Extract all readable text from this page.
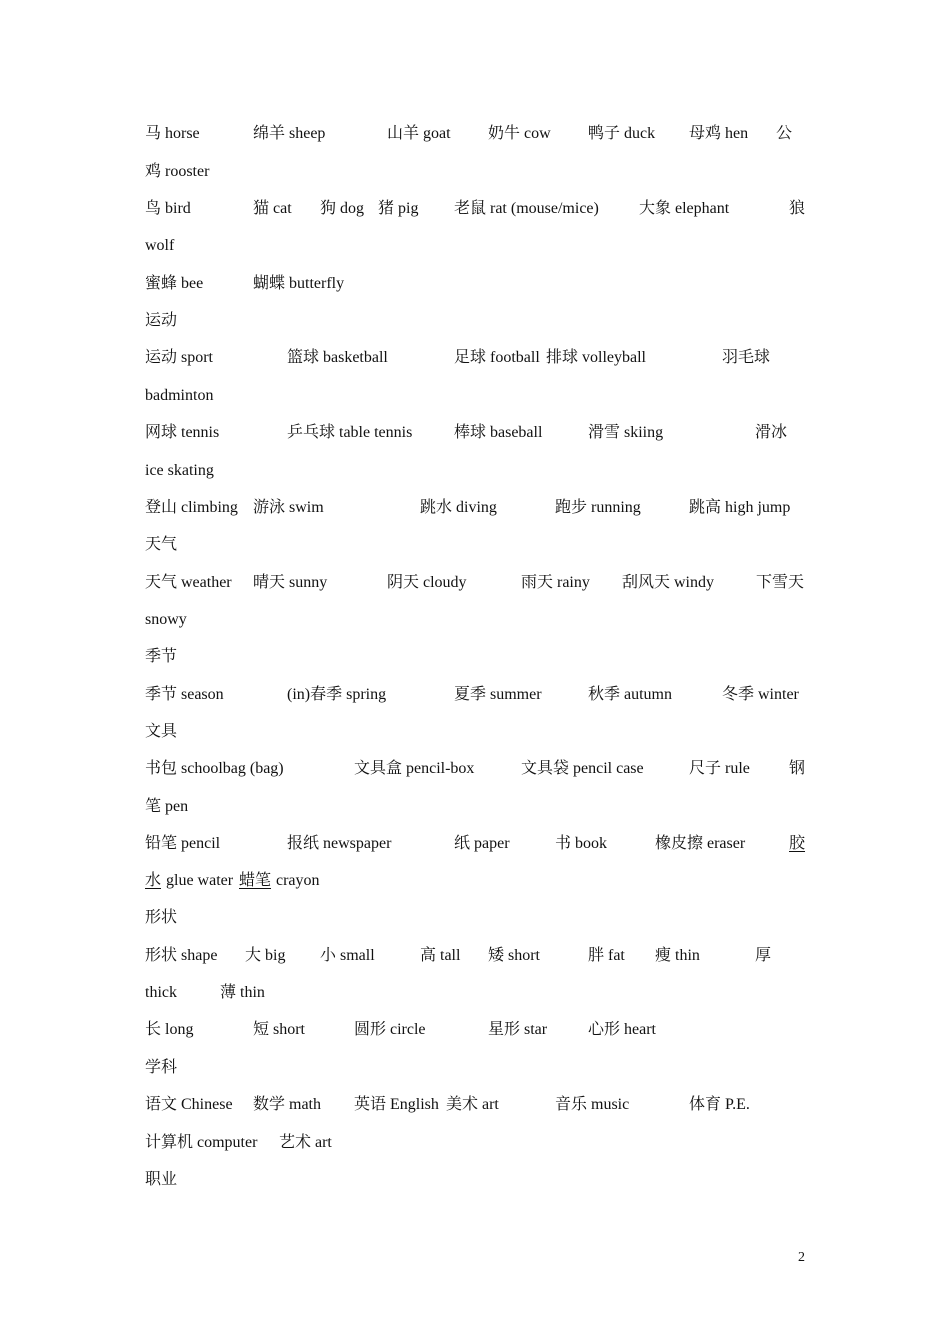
马 horse	绵羊 sheep	山羊 goat 奶牛 cow 鸭子 duck 母鸡 hen 公
鸡 rooster
鸟 bird	猫 cat 狗 dog 猪 pig 老鼠 rat (mouse/mice)	大象 elephant	狼
wolf
蜜蜂 bee	蝴蝶 butterfly
运动
运动 sport	篮球 basketball	足球 football 排球 volleyball	羽毛球
badminton
网球 tennis	乒乓球 table tennis	棒球 baseball	滑雪 skiing	滑冰
ice skating
登山 climbing 游泳 swim	跳水 diving	跑步 running	跳高 high jump
天气
天气 weather 晴天 sunny	阴天 cloudy	雨天 rainy 刮风天 windy	下雪天
snowy
季节
季节 season	(in)春季 spring	夏季 summer	秋季 autumn	冬季 winter
文具
书包 schoolbag (bag)	文具盒 pencil-box	文具袋 pencil case	尺子 rule 钢
笔 pen
铅笔 pencil	报纸 newspaper	纸 paper	书 book	橡皮擦 eraser	胶
水 glue water 蜡笔 crayon
形状
形状 shape 大 big 小 small	高 tall 矮 short	胖 fat 瘦 thin	厚
thick	薄 thin
长 long	短 short	圆形 circle	星形 star	心形 heart
学科
语文 Chinese 数学 math 英语 English 美术 art	音乐 music	体育 P.E.
计算机 computer 艺术 art
职业
2
